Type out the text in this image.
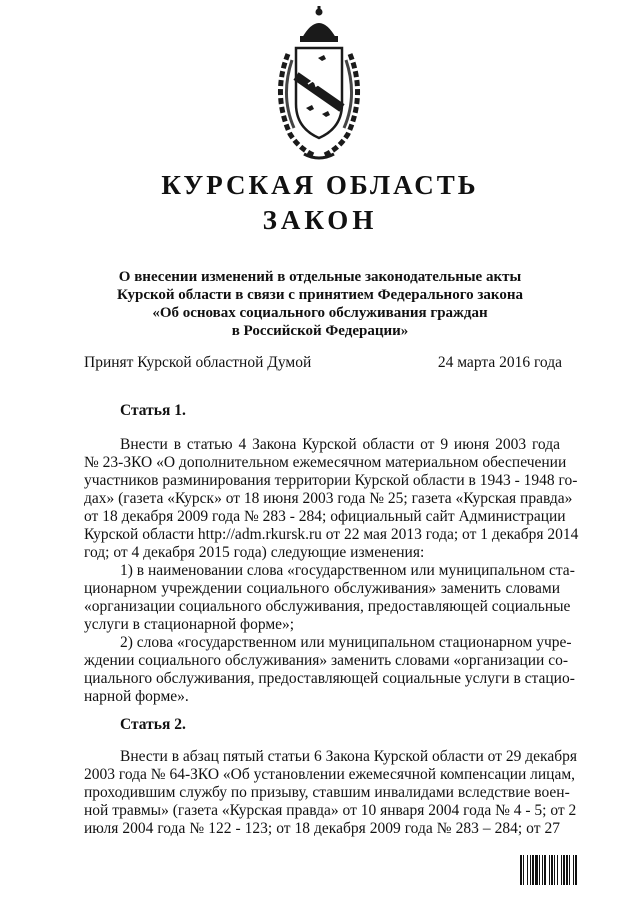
КУРСКАЯ ОБЛАСТЬ
ЗАКОН
О внесении изменений в отдельные законодательные акты
Курской области в связи с принятием Федерального закона
«Об основах социального обслуживания граждан
в Российской Федерации»
Принят Курской областной Думой	24 марта 2016 года
Статья 1.
Внести в статью 4 Закона Курской области от 9 июня 2003 года
№ 23-ЗКО «О дополнительном ежемесячном материальном обеспечении
участников разминирования территории Курской области в 1943 - 1948 го-
дах» (газета «Курск» от 18 июня 2003 года № 25; газета «Курская правда»
от 18 декабря 2009 года № 283 - 284; официальный сайт Администрации
Курской области http://adm.rkursk.ru от 22 мая 2013 года; от 1 декабря 2014
год; от 4 декабря 2015 года) следующие изменения:
1) в наименовании слова «государственном или муниципальном ста-
ционарном учреждении социального обслуживания» заменить словами
«организации социального обслуживания, предоставляющей социальные
услуги в стационарной форме»;
2) слова «государственном или муниципальном стационарном учре-
ждении социального обслуживания» заменить словами «организации со-
циального обслуживания, предоставляющей социальные услуги в стацио-
нарной форме».
Статья 2.
Внести в абзац пятый статьи 6 Закона Курской области от 29 декабря
2003 года № 64-ЗКО «Об установлении ежемесячной компенсации лицам,
проходившим службу по призыву, ставшим инвалидами вследствие воен-
ной травмы» (газета «Курская правда» от 10 января 2004 года № 4 - 5; от 2
июля 2004 года № 122 - 123; от 18 декабря 2009 года № 283 – 284; от 27
